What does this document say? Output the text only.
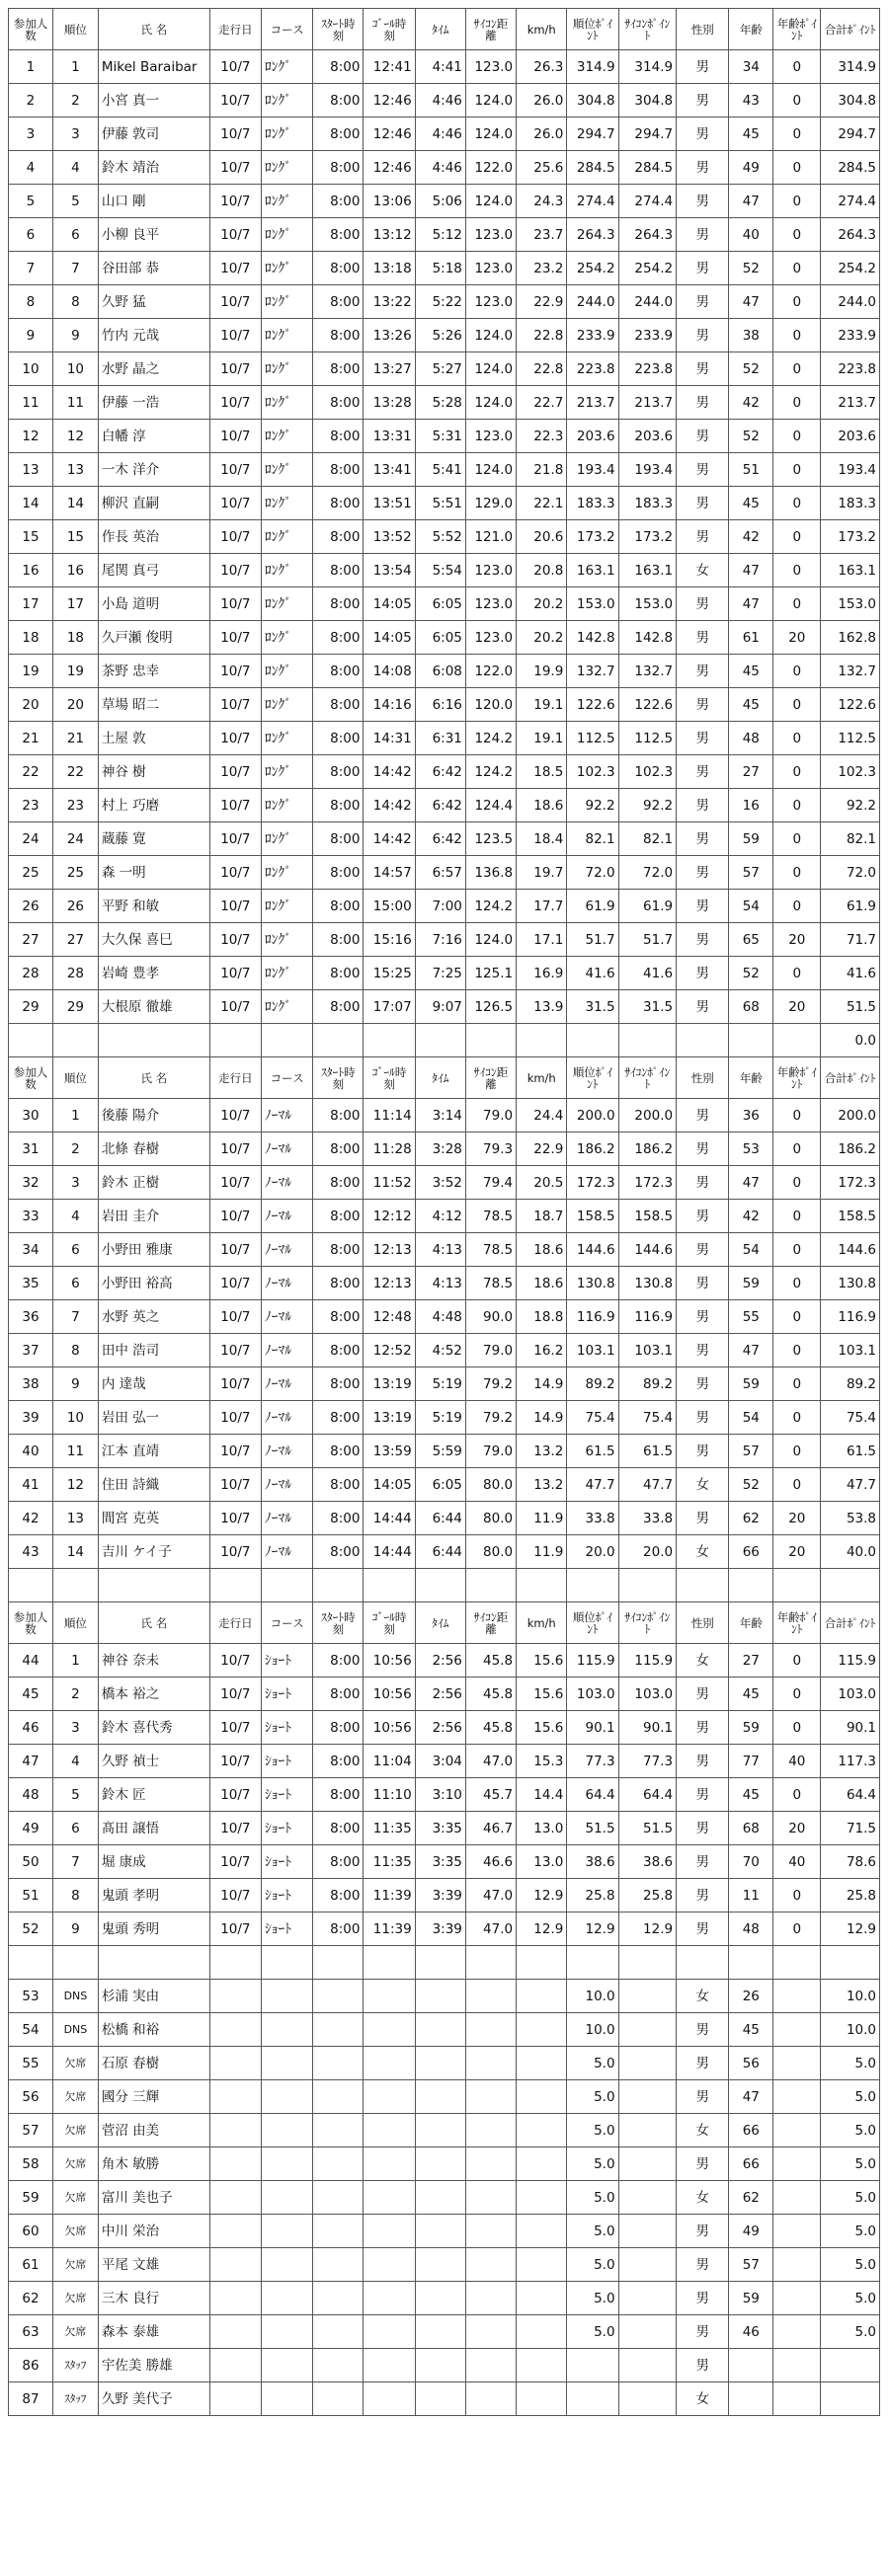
参加人数	順位	氏 名	走行日	コース	ｽﾀｰﾄ時刻	ｺﾞｰﾙ時刻	ﾀｲﾑ	ｻｲｺﾝ距離	km/h	順位ﾎﾟｲﾝﾄ	ｻｲｺﾝﾎﾟｲﾝﾄ	性別	年齢	年齢ﾎﾟｲﾝﾄ	合計ﾎﾟｲﾝﾄ
1	1	Mikel Baraibar	10/7	ﾛﾝｸﾞ	8:00	12:41	4:41	123.0	26.3	314.9	314.9	男	34	0	314.9
2	2	小宮 真一	10/7	ﾛﾝｸﾞ	8:00	12:46	4:46	124.0	26.0	304.8	304.8	男	43	0	304.8
3	3	伊藤 敦司	10/7	ﾛﾝｸﾞ	8:00	12:46	4:46	124.0	26.0	294.7	294.7	男	45	0	294.7
4	4	鈴木 靖治	10/7	ﾛﾝｸﾞ	8:00	12:46	4:46	122.0	25.6	284.5	284.5	男	49	0	284.5
5	5	山口 剛	10/7	ﾛﾝｸﾞ	8:00	13:06	5:06	124.0	24.3	274.4	274.4	男	47	0	274.4
6	6	小柳 良平	10/7	ﾛﾝｸﾞ	8:00	13:12	5:12	123.0	23.7	264.3	264.3	男	40	0	264.3
7	7	谷田部 恭	10/7	ﾛﾝｸﾞ	8:00	13:18	5:18	123.0	23.2	254.2	254.2	男	52	0	254.2
8	8	久野 猛	10/7	ﾛﾝｸﾞ	8:00	13:22	5:22	123.0	22.9	244.0	244.0	男	47	0	244.0
9	9	竹内 元哉	10/7	ﾛﾝｸﾞ	8:00	13:26	5:26	124.0	22.8	233.9	233.9	男	38	0	233.9
10	10	水野 晶之	10/7	ﾛﾝｸﾞ	8:00	13:27	5:27	124.0	22.8	223.8	223.8	男	52	0	223.8
11	11	伊藤 一浩	10/7	ﾛﾝｸﾞ	8:00	13:28	5:28	124.0	22.7	213.7	213.7	男	42	0	213.7
12	12	白幡 淳	10/7	ﾛﾝｸﾞ	8:00	13:31	5:31	123.0	22.3	203.6	203.6	男	52	0	203.6
13	13	一木 洋介	10/7	ﾛﾝｸﾞ	8:00	13:41	5:41	124.0	21.8	193.4	193.4	男	51	0	193.4
14	14	柳沢 直嗣	10/7	ﾛﾝｸﾞ	8:00	13:51	5:51	129.0	22.1	183.3	183.3	男	45	0	183.3
15	15	作長 英治	10/7	ﾛﾝｸﾞ	8:00	13:52	5:52	121.0	20.6	173.2	173.2	男	42	0	173.2
16	16	尾関 真弓	10/7	ﾛﾝｸﾞ	8:00	13:54	5:54	123.0	20.8	163.1	163.1	女	47	0	163.1
17	17	小島 道明	10/7	ﾛﾝｸﾞ	8:00	14:05	6:05	123.0	20.2	153.0	153.0	男	47	0	153.0
18	18	久戸瀬 俊明	10/7	ﾛﾝｸﾞ	8:00	14:05	6:05	123.0	20.2	142.8	142.8	男	61	20	162.8
19	19	茶野 忠幸	10/7	ﾛﾝｸﾞ	8:00	14:08	6:08	122.0	19.9	132.7	132.7	男	45	0	132.7
20	20	草場 昭二	10/7	ﾛﾝｸﾞ	8:00	14:16	6:16	120.0	19.1	122.6	122.6	男	45	0	122.6
21	21	土屋 敦	10/7	ﾛﾝｸﾞ	8:00	14:31	6:31	124.2	19.1	112.5	112.5	男	48	0	112.5
22	22	神谷 樹	10/7	ﾛﾝｸﾞ	8:00	14:42	6:42	124.2	18.5	102.3	102.3	男	27	0	102.3
23	23	村上 巧磨	10/7	ﾛﾝｸﾞ	8:00	14:42	6:42	124.4	18.6	92.2	92.2	男	16	0	92.2
24	24	蔵藤 寛	10/7	ﾛﾝｸﾞ	8:00	14:42	6:42	123.5	18.4	82.1	82.1	男	59	0	82.1
25	25	森 一明	10/7	ﾛﾝｸﾞ	8:00	14:57	6:57	136.8	19.7	72.0	72.0	男	57	0	72.0
26	26	平野 和敏	10/7	ﾛﾝｸﾞ	8:00	15:00	7:00	124.2	17.7	61.9	61.9	男	54	0	61.9
27	27	大久保 喜巳	10/7	ﾛﾝｸﾞ	8:00	15:16	7:16	124.0	17.1	51.7	51.7	男	65	20	71.7
28	28	岩崎 豊孝	10/7	ﾛﾝｸﾞ	8:00	15:25	7:25	125.1	16.9	41.6	41.6	男	52	0	41.6
29	29	大根原 徹雄	10/7	ﾛﾝｸﾞ	8:00	17:07	9:07	126.5	13.9	31.5	31.5	男	68	20	51.5
															0.0
参加人数	順位	氏 名	走行日	コース	ｽﾀｰﾄ時刻	ｺﾞｰﾙ時刻	ﾀｲﾑ	ｻｲｺﾝ距離	km/h	順位ﾎﾟｲﾝﾄ	ｻｲｺﾝﾎﾟｲﾝﾄ	性別	年齢	年齢ﾎﾟｲﾝﾄ	合計ﾎﾟｲﾝﾄ
30	1	後藤 陽介	10/7	ﾉｰﾏﾙ	8:00	11:14	3:14	79.0	24.4	200.0	200.0	男	36	0	200.0
31	2	北條 春樹	10/7	ﾉｰﾏﾙ	8:00	11:28	3:28	79.3	22.9	186.2	186.2	男	53	0	186.2
32	3	鈴木 正樹	10/7	ﾉｰﾏﾙ	8:00	11:52	3:52	79.4	20.5	172.3	172.3	男	47	0	172.3
33	4	岩田 圭介	10/7	ﾉｰﾏﾙ	8:00	12:12	4:12	78.5	18.7	158.5	158.5	男	42	0	158.5
34	6	小野田 雅康	10/7	ﾉｰﾏﾙ	8:00	12:13	4:13	78.5	18.6	144.6	144.6	男	54	0	144.6
35	6	小野田 裕高	10/7	ﾉｰﾏﾙ	8:00	12:13	4:13	78.5	18.6	130.8	130.8	男	59	0	130.8
36	7	水野 英之	10/7	ﾉｰﾏﾙ	8:00	12:48	4:48	90.0	18.8	116.9	116.9	男	55	0	116.9
37	8	田中 浩司	10/7	ﾉｰﾏﾙ	8:00	12:52	4:52	79.0	16.2	103.1	103.1	男	47	0	103.1
38	9	内 達哉	10/7	ﾉｰﾏﾙ	8:00	13:19	5:19	79.2	14.9	89.2	89.2	男	59	0	89.2
39	10	岩田 弘一	10/7	ﾉｰﾏﾙ	8:00	13:19	5:19	79.2	14.9	75.4	75.4	男	54	0	75.4
40	11	江本 直靖	10/7	ﾉｰﾏﾙ	8:00	13:59	5:59	79.0	13.2	61.5	61.5	男	57	0	61.5
41	12	住田 詩織	10/7	ﾉｰﾏﾙ	8:00	14:05	6:05	80.0	13.2	47.7	47.7	女	52	0	47.7
42	13	間宮 克英	10/7	ﾉｰﾏﾙ	8:00	14:44	6:44	80.0	11.9	33.8	33.8	男	62	20	53.8
43	14	吉川 ケイ子	10/7	ﾉｰﾏﾙ	8:00	14:44	6:44	80.0	11.9	20.0	20.0	女	66	20	40.0

参加人数	順位	氏 名	走行日	コース	ｽﾀｰﾄ時刻	ｺﾞｰﾙ時刻	ﾀｲﾑ	ｻｲｺﾝ距離	km/h	順位ﾎﾟｲﾝﾄ	ｻｲｺﾝﾎﾟｲﾝﾄ	性別	年齢	年齢ﾎﾟｲﾝﾄ	合計ﾎﾟｲﾝﾄ
44	1	神谷 奈未	10/7	ｼｮｰﾄ	8:00	10:56	2:56	45.8	15.6	115.9	115.9	女	27	0	115.9
45	2	橋本 裕之	10/7	ｼｮｰﾄ	8:00	10:56	2:56	45.8	15.6	103.0	103.0	男	45	0	103.0
46	3	鈴木 喜代秀	10/7	ｼｮｰﾄ	8:00	10:56	2:56	45.8	15.6	90.1	90.1	男	59	0	90.1
47	4	久野 禎士	10/7	ｼｮｰﾄ	8:00	11:04	3:04	47.0	15.3	77.3	77.3	男	77	40	117.3
48	5	鈴木 匠	10/7	ｼｮｰﾄ	8:00	11:10	3:10	45.7	14.4	64.4	64.4	男	45	0	64.4
49	6	髙田 譲悟	10/7	ｼｮｰﾄ	8:00	11:35	3:35	46.7	13.0	51.5	51.5	男	68	20	71.5
50	7	堀 康成	10/7	ｼｮｰﾄ	8:00	11:35	3:35	46.6	13.0	38.6	38.6	男	70	40	78.6
51	8	鬼頭 孝明	10/7	ｼｮｰﾄ	8:00	11:39	3:39	47.0	12.9	25.8	25.8	男	11	0	25.8
52	9	鬼頭 秀明	10/7	ｼｮｰﾄ	8:00	11:39	3:39	47.0	12.9	12.9	12.9	男	48	0	12.9

53	DNS	杉浦 実由								10.0		女	26		10.0
54	DNS	松橋 和裕								10.0		男	45		10.0
55	欠席	石原 春樹								5.0		男	56		5.0
56	欠席	國分 三輝								5.0		男	47		5.0
57	欠席	菅沼 由美								5.0		女	66		5.0
58	欠席	角木 敏勝								5.0		男	66		5.0
59	欠席	富川 美也子								5.0		女	62		5.0
60	欠席	中川 栄治								5.0		男	49		5.0
61	欠席	平尾 文雄								5.0		男	57		5.0
62	欠席	三木 良行								5.0		男	59		5.0
63	欠席	森本 泰雄								5.0		男	46		5.0
86	ｽﾀｯﾌ	宇佐美 勝雄										男			
87	ｽﾀｯﾌ	久野 美代子										女			
